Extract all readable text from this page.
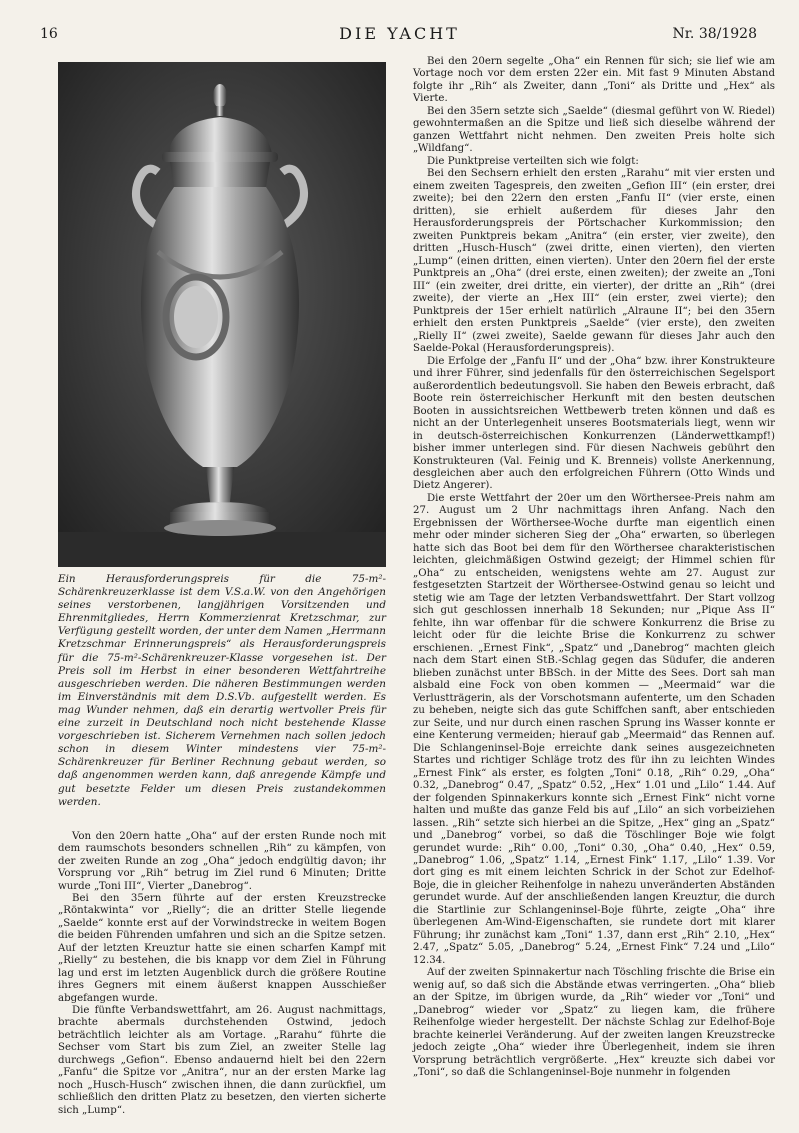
16	DIE YACHT	Nr. 38/1928
Ein Herausforderungspreis für die 75-m²-Schärenkreuzerklasse ist dem V.S.a.W. von den Angehörigen seines verstorbenen, langjährigen Vorsitzenden und Ehrenmitgliedes, Herrn Kommerzienrat Kretzschmar, zur Verfügung gestellt worden, der unter dem Namen „Herrmann Kretzschmar Erinnerungspreis“ als Herausforderungspreis für die 75-m²-Schärenkreuzer-Klasse vorgesehen ist. Der Preis soll im Herbst in einer besonderen Wettfahrtreihe ausgeschrieben werden. Die näheren Bestimmungen werden im Einverständnis mit dem D.S.Vb. aufgestellt werden. Es mag Wunder nehmen, daß ein derartig wertvoller Preis für eine zurzeit in Deutschland noch nicht bestehende Klasse vorgeschrieben ist. Sicherem Vernehmen nach sollen jedoch schon in diesem Winter mindestens vier 75-m²-Schärenkreuzer für Berliner Rechnung gebaut werden, so daß angenommen werden kann, daß anregende Kämpfe und gut besetzte Felder um diesen Preis zustandekommen werden.

Von den 20ern hatte „Oha“ auf der ersten Runde noch mit dem raumschots besonders schnellen „Rih“ zu kämpfen, von der zweiten Runde an zog „Oha“ jedoch endgültig davon; ihr Vorsprung vor „Rih“ betrug im Ziel rund 6 Minuten; Dritte wurde „Toni III“, Vierter „Danebrog“.

Bei den 35ern führte auf der ersten Kreuzstrecke „Röntakwinta“ vor „Rielly“; die an dritter Stelle liegende „Saelde“ konnte erst auf der Vorwindstrecke in weitem Bogen die beiden Führenden umfahren und sich an die Spitze setzen. Auf der letzten Kreuztur hatte sie einen scharfen Kampf mit „Rielly“ zu bestehen, die bis knapp vor dem Ziel in Führung lag und erst im letzten Augenblick durch die größere Routine ihres Gegners mit einem äußerst knappen Ausschießer abgefangen wurde.

Die fünfte Verbandswettfahrt, am 26. August nachmittags, brachte abermals durchstehenden Ostwind, jedoch beträchtlich leichter als am Vortage. „Rarahu“ führte die Sechser vom Start bis zum Ziel, an zweiter Stelle lag durchwegs „Gefion“. Ebenso andauernd hielt bei den 22ern „Fanfu“ die Spitze vor „Anitra“, nur an der ersten Marke lag noch „Husch-Husch“ zwischen ihnen, die dann zurückfiel, um schließlich den dritten Platz zu besetzen, den vierten sicherte sich „Lump“.

Bei den 20ern segelte „Oha“ ein Rennen für sich; sie lief wie am Vortage noch vor dem ersten 22er ein. Mit fast 9 Minuten Abstand folgte ihr „Rih“ als Zweiter, dann „Toni“ als Dritte und „Hex“ als Vierte.

Bei den 35ern setzte sich „Saelde“ (diesmal geführt von W. Riedel) gewohntermaßen an die Spitze und ließ sich dieselbe während der ganzen Wettfahrt nicht nehmen. Den zweiten Preis holte sich „Wildfang“.

Die Punktpreise verteilten sich wie folgt:

Bei den Sechsern erhielt den ersten „Rarahu“ mit vier ersten und einem zweiten Tagespreis, den zweiten „Gefion III“ (ein erster, drei zweite); bei den 22ern den ersten „Fanfu II“ (vier erste, einen dritten), sie erhielt außerdem für dieses Jahr den Herausforderungspreis der Pörtschacher Kurkommission; den zweiten Punktpreis bekam „Anitra“ (ein erster, vier zweite), den dritten „Husch-Husch“ (zwei dritte, einen vierten), den vierten „Lump“ (einen dritten, einen vierten). Unter den 20ern fiel der erste Punktpreis an „Oha“ (drei erste, einen zweiten); der zweite an „Toni III“ (ein zweiter, drei dritte, ein vierter), der dritte an „Rih“ (drei zweite), der vierte an „Hex III“ (ein erster, zwei vierte); den Punktpreis der 15er erhielt natürlich „Alraune II“; bei den 35ern erhielt den ersten Punktpreis „Saelde“ (vier erste), den zweiten „Rielly II“ (zwei zweite), Saelde gewann für dieses Jahr auch den Saelde-Pokal (Herausforderungspreis).

Die Erfolge der „Fanfu II“ und der „Oha“ bzw. ihrer Konstrukteure und ihrer Führer, sind jedenfalls für den österreichischen Segelsport außerordentlich bedeutungsvoll. Sie haben den Beweis erbracht, daß Boote rein österreichischer Herkunft mit den besten deutschen Booten in aussichtsreichen Wettbewerb treten können und daß es nicht an der Unterlegenheit unseres Bootsmaterials liegt, wenn wir in deutsch-österreichischen Konkurrenzen (Länderwettkampf!) bisher immer unterlegen sind. Für diesen Nachweis gebührt den Konstrukteuren (Val. Feinig und K. Brenneis) vollste Anerkennung, desgleichen aber auch den erfolgreichen Führern (Otto Winds und Dietz Angerer).

Die erste Wettfahrt der 20er um den Wörthersee-Preis nahm am 27. August um 2 Uhr nachmittags ihren Anfang. Nach den Ergebnissen der Wörthersee-Woche durfte man eigentlich einen mehr oder minder sicheren Sieg der „Oha“ erwarten, so überlegen hatte sich das Boot bei dem für den Wörthersee charakteristischen leichten, gleichmäßigen Ostwind gezeigt; der Himmel schien für „Oha“ zu entscheiden, wenigstens wehte am 27. August zur festgesetzten Startzeit der Wörthersee-Ostwind genau so leicht und stetig wie am Tage der letzten Verbandswettfahrt. Der Start vollzog sich gut geschlossen innerhalb 18 Sekunden; nur „Pique Ass II“ fehlte, ihn war offenbar für die schwere Konkurrenz die Brise zu leicht oder für die leichte Brise die Konkurrenz zu schwer erschienen. „Ernest Fink“, „Spatz“ und „Danebrog“ machten gleich nach dem Start einen StB.-Schlag gegen das Südufer, die anderen blieben zunächst unter BBSch. in der Mitte des Sees. Dort sah man alsbald eine Fock von oben kommen — „Meermaid“ war die Verlustträgerin, als der Vorschotsmann aufenterte, um den Schaden zu beheben, neigte sich das gute Schiffchen sanft, aber entschieden zur Seite, und nur durch einen raschen Sprung ins Wasser konnte er eine Kenterung vermeiden; hierauf gab „Meermaid“ das Rennen auf. Die Schlangeninsel-Boje erreichte dank seines ausgezeichneten Startes und richtiger Schläge trotz des für ihn zu leichten Windes „Ernest Fink“ als erster, es folgten „Toni“ 0.18, „Rih“ 0.29, „Oha“ 0.32, „Danebrog“ 0.47, „Spatz“ 0.52, „Hex“ 1.01 und „Lilo“ 1.44. Auf der folgenden Spinnakerkurs konnte sich „Ernest Fink“ nicht vorne halten und mußte das ganze Feld bis auf „Lilo“ an sich vorbeiziehen lassen. „Rih“ setzte sich hierbei an die Spitze, „Hex“ ging an „Spatz“ und „Danebrog“ vorbei, so daß die Töschlinger Boje wie folgt gerundet wurde: „Rih“ 0.00, „Toni“ 0.30, „Oha“ 0.40, „Hex“ 0.59, „Danebrog“ 1.06, „Spatz“ 1.14, „Ernest Fink“ 1.17, „Lilo“ 1.39. Vor dort ging es mit einem leichten Schrick in der Schot zur Edelhof-Boje, die in gleicher Reihenfolge in nahezu unveränderten Abständen gerundet wurde. Auf der anschließenden langen Kreuztur, die durch die Startlinie zur Schlangeninsel-Boje führte, zeigte „Oha“ ihre überlegenen Am-Wind-Eigenschaften, sie rundete dort mit klarer Führung; ihr zunächst kam „Toni“ 1.37, dann erst „Rih“ 2.10, „Hex“ 2.47, „Spatz“ 5.05, „Danebrog“ 5.24, „Ernest Fink“ 7.24 und „Lilo“ 12.34.

Auf der zweiten Spinnakertur nach Töschling frischte die Brise ein wenig auf, so daß sich die Abstände etwas verringerten. „Oha“ blieb an der Spitze, im übrigen wurde, da „Rih“ wieder vor „Toni“ und „Danebrog“ wieder vor „Spatz“ zu liegen kam, die frühere Reihenfolge wieder hergestellt. Der nächste Schlag zur Edelhof-Boje brachte keinerlei Veränderung. Auf der zweiten langen Kreuzstrecke jedoch zeigte „Oha“ wieder ihre Überlegenheit, indem sie ihren Vorsprung beträchtlich vergrößerte. „Hex“ kreuzte sich dabei vor „Toni“, so daß die Schlangeninsel-Boje nunmehr in folgenden
